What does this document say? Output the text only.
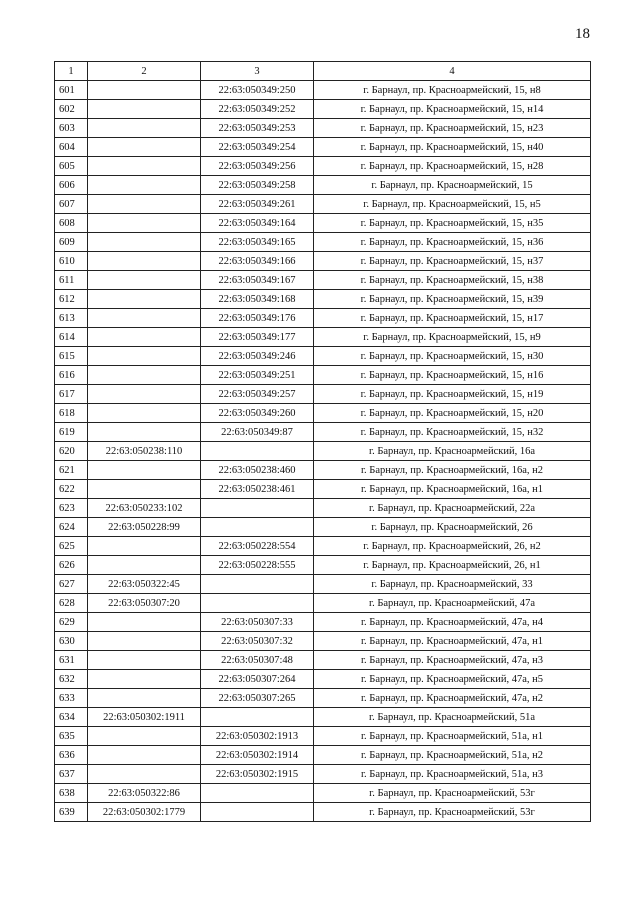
18
1	2	3	4
601		22:63:050349:250	г. Барнаул, пр. Красноармейский, 15, н8
602		22:63:050349:252	г. Барнаул, пр. Красноармейский, 15, н14
603		22:63:050349:253	г. Барнаул, пр. Красноармейский, 15, н23
604		22:63:050349:254	г. Барнаул, пр. Красноармейский, 15, н40
605		22:63:050349:256	г. Барнаул, пр. Красноармейский, 15, н28
606		22:63:050349:258	г. Барнаул, пр. Красноармейский, 15
607		22:63:050349:261	г. Барнаул, пр. Красноармейский, 15, н5
608		22:63:050349:164	г. Барнаул, пр. Красноармейский, 15, н35
609		22:63:050349:165	г. Барнаул, пр. Красноармейский, 15, н36
610		22:63:050349:166	г. Барнаул, пр. Красноармейский, 15, н37
611		22:63:050349:167	г. Барнаул, пр. Красноармейский, 15, н38
612		22:63:050349:168	г. Барнаул, пр. Красноармейский, 15, н39
613		22:63:050349:176	г. Барнаул, пр. Красноармейский, 15, н17
614		22:63:050349:177	г. Барнаул, пр. Красноармейский, 15, н9
615		22:63:050349:246	г. Барнаул, пр. Красноармейский, 15, н30
616		22:63:050349:251	г. Барнаул, пр. Красноармейский, 15, н16
617		22:63:050349:257	г. Барнаул, пр. Красноармейский, 15, н19
618		22:63:050349:260	г. Барнаул, пр. Красноармейский, 15, н20
619		22:63:050349:87	г. Барнаул, пр. Красноармейский, 15, н32
620	22:63:050238:110		г. Барнаул, пр. Красноармейский, 16а
621		22:63:050238:460	г. Барнаул, пр. Красноармейский, 16а, н2
622		22:63:050238:461	г. Барнаул, пр. Красноармейский, 16а, н1
623	22:63:050233:102		г. Барнаул, пр. Красноармейский, 22а
624	22:63:050228:99		г. Барнаул, пр. Красноармейский, 26
625		22:63:050228:554	г. Барнаул, пр. Красноармейский, 26, н2
626		22:63:050228:555	г. Барнаул, пр. Красноармейский, 26, н1
627	22:63:050322:45		г. Барнаул, пр. Красноармейский, 33
628	22:63:050307:20		г. Барнаул, пр. Красноармейский, 47а
629		22:63:050307:33	г. Барнаул, пр. Красноармейский, 47а, н4
630		22:63:050307:32	г. Барнаул, пр. Красноармейский, 47а, н1
631		22:63:050307:48	г. Барнаул, пр. Красноармейский, 47а, н3
632		22:63:050307:264	г. Барнаул, пр. Красноармейский, 47а, н5
633		22:63:050307:265	г. Барнаул, пр. Красноармейский, 47а, н2
634	22:63:050302:1911		г. Барнаул, пр. Красноармейский, 51а
635		22:63:050302:1913	г. Барнаул, пр. Красноармейский, 51а, н1
636		22:63:050302:1914	г. Барнаул, пр. Красноармейский, 51а, н2
637		22:63:050302:1915	г. Барнаул, пр. Красноармейский, 51а, н3
638	22:63:050322:86		г. Барнаул, пр. Красноармейский, 53г
639	22:63:050302:1779		г. Барнаул, пр. Красноармейский, 53г
